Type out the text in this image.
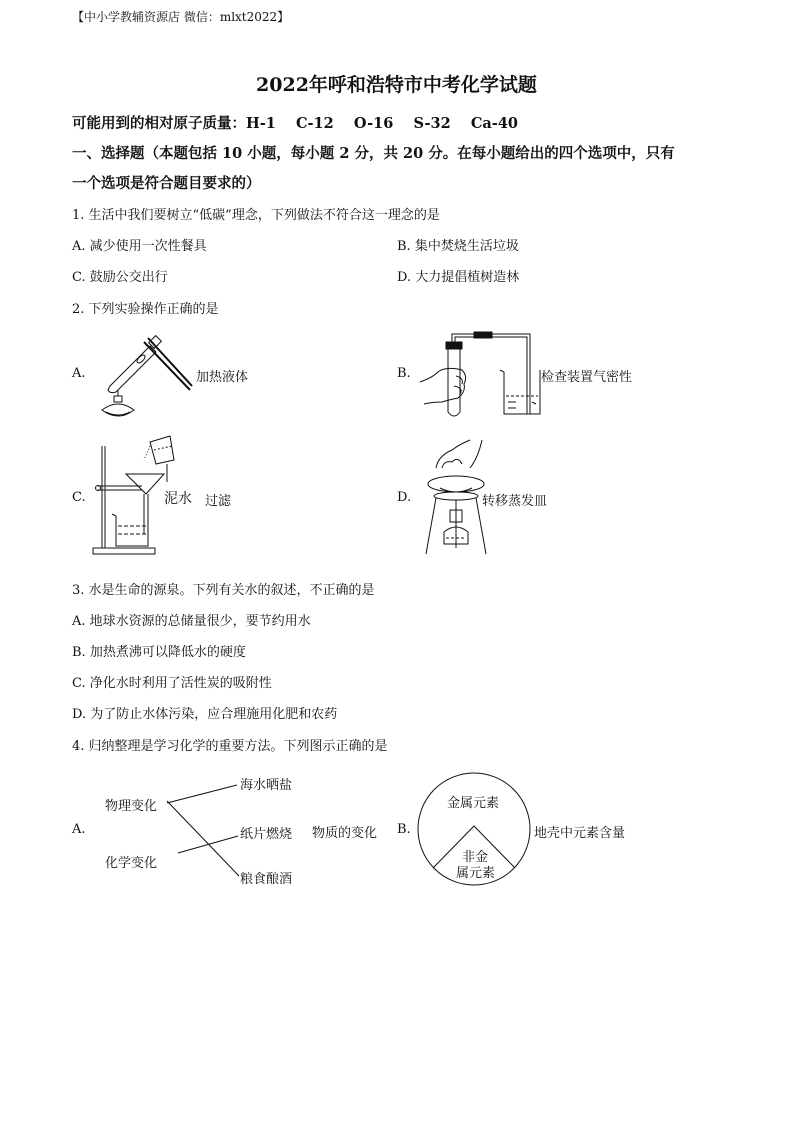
【中小学教辅资源店 微信：mlxt2022】
2022年呼和浩特市中考化学试题
可能用到的相对原子质量：H-1    C-12    O-16    S-32    Ca-40
一、选择题（本题包括 10 小题，每小题 2 分，共 20 分。在每小题给出的四个选项中，只有
一个选项是符合题目要求的）
1. 生活中我们要树立“低碳”理念，下列做法不符合这一理念的是
A. 减少使用一次性餐具	B. 集中焚烧生活垃圾
C. 鼓励公交出行	D. 大力提倡植树造林
2. 下列实验操作正确的是
A.	加热液体	B.	检查装置气密性
C.	泥水 过滤	D.	转移蒸发皿
3. 水是生命的源泉。下列有关水的叙述，不正确的是
A. 地球水资源的总储量很少，要节约用水
B. 加热煮沸可以降低水的硬度
C. 净化水时利用了活性炭的吸附性
D. 为了防止水体污染，应合理施用化肥和农药
4. 归纳整理是学习化学的重要方法。下列图示正确的是
A.
物理变化
化学变化
海水晒盐
纸片燃烧
粮食酿酒
物质的变化 B.
金属元素
非金
属元素
地壳中元素含量
